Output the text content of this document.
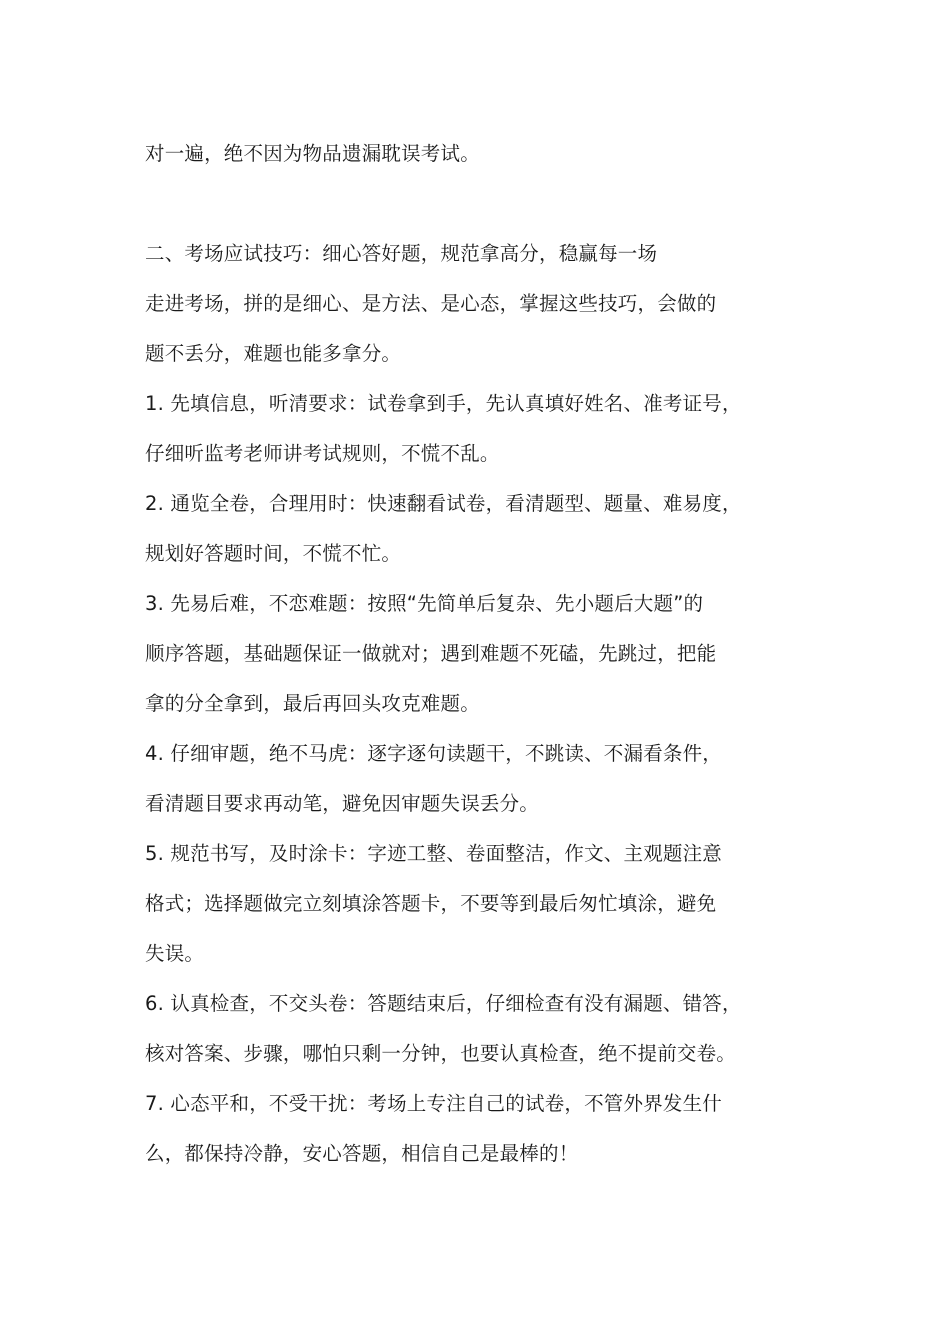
对一遍，绝不因为物品遗漏耽误考试。
二、考场应试技巧：细心答好题，规范拿高分，稳赢每一场
走进考场，拼的是细心、是方法、是心态，掌握这些技巧，会做的
题不丢分，难题也能多拿分。
1. 先填信息，听清要求：试卷拿到手，先认真填好姓名、准考证号，
仔细听监考老师讲考试规则，不慌不乱。
2. 通览全卷，合理用时：快速翻看试卷，看清题型、题量、难易度，
规划好答题时间，不慌不忙。
3. 先易后难，不恋难题：按照“先简单后复杂、先小题后大题”的
顺序答题，基础题保证一做就对；遇到难题不死磕，先跳过，把能
拿的分全拿到，最后再回头攻克难题。
4. 仔细审题，绝不马虎：逐字逐句读题干，不跳读、不漏看条件，
看清题目要求再动笔，避免因审题失误丢分。
5. 规范书写，及时涂卡：字迹工整、卷面整洁，作文、主观题注意
格式；选择题做完立刻填涂答题卡，不要等到最后匆忙填涂，避免
失误。
6. 认真检查，不交头卷：答题结束后，仔细检查有没有漏题、错答，
核对答案、步骤，哪怕只剩一分钟，也要认真检查，绝不提前交卷。
7. 心态平和，不受干扰：考场上专注自己的试卷，不管外界发生什
么，都保持冷静，安心答题，相信自己是最棒的！
